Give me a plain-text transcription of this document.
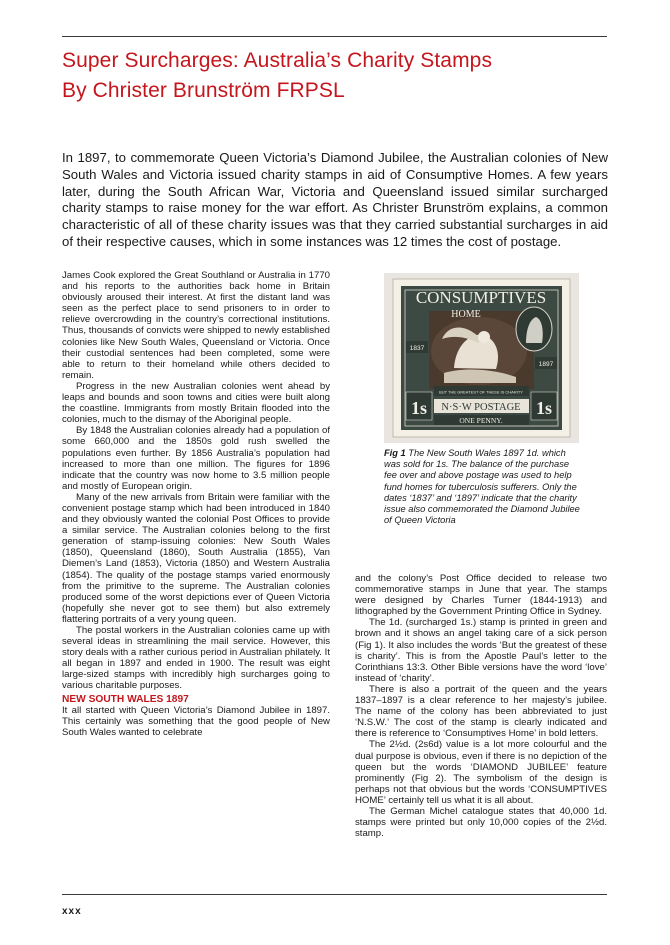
Super Surcharges: Australia’s Charity Stamps
By Christer Brunström FRPSL
In 1897, to commemorate Queen Victoria’s Diamond Jubilee, the Australian colonies of New South Wales and Victoria issued charity stamps in aid of Consumptive Homes. A few years later, during the South African War, Victoria and Queensland issued similar surcharged charity stamps to raise money for the war effort. As Christer Brunström explains, a common characteristic of all of these charity issues was that they carried substantial surcharges in aid of their respective causes, which in some instances was 12 times the cost of postage.

James Cook explored the Great Southland or Australia in 1770 and his reports to the authorities back home in Britain obviously aroused their interest. At first the distant land was seen as the perfect place to send prisoners to in order to relieve overcrowding in the country’s correctional institutions. Thus, thousands of convicts were shipped to newly established colonies like New South Wales, Queensland or Victoria. Once their custodial sentences had been completed, some were able to return to their homeland while others decided to remain.

Progress in the new Australian colonies went ahead by leaps and bounds and soon towns and cities were built along the coastline. Immigrants from mostly Britain flooded into the colonies, much to the dismay of the Aboriginal people.

By 1848 the Australian colonies already had a population of some 660,000 and the 1850s gold rush swelled the populations even further. By 1856 Australia’s population had increased to more than one million. The figures for 1896 indicate that the country was now home to 3.5 million people and mostly of European origin.

Many of the new arrivals from Britain were familiar with the convenient postage stamp which had been introduced in 1840 and they obviously wanted the colonial Post Offices to provide a similar service. The Australian colonies belong to the first generation of stamp-issuing colonies: New South Wales (1850), Queensland (1860), South Australia (1855), Van Diemen’s Land (1853), Victoria (1850) and Western Australia (1854). The quality of the postage stamps varied enormously from the primitive to the supreme. The Australian colonies produced some of the worst depictions ever of Queen Victoria (hopefully she never got to see them) but also extremely flattering portraits of a very young queen.

The postal workers in the Australian colonies came up with several ideas in streamlining the mail service. However, this story deals with a rather curious period in Australian philately. It all began in 1897 and ended in 1900. The result was eight large-sized stamps with incredibly high surcharges going to various charitable purposes.

NEW SOUTH WALES 1897

It all started with Queen Victoria’s Diamond Jubilee in 1897. This certainly was something that the good people of New South Wales wanted to celebrate

CONSUMPTIVES
HOME
1837
1897
BUT THE GREATEST OF THESE IS CHARITY
N·S·W POSTAGE
1s	1s
ONE PENNY.
Fig 1 The New South Wales 1897 1d. which was sold for 1s. The balance of the purchase fee over and above postage was used to help fund homes for tuberculosis sufferers. Only the dates ‘1837’ and ‘1897’ indicate that the charity issue also commemorated the Diamond Jubilee of Queen Victoria

and the colony’s Post Office decided to release two commemorative stamps in June that year. The stamps were designed by Charles Turner (1844-1913) and lithographed by the Government Printing Office in Sydney.

The 1d. (surcharged 1s.) stamp is printed in green and brown and it shows an angel taking care of a sick person (Fig 1). It also includes the words ‘But the greatest of these is charity’. This is from the Apostle Paul’s letter to the Corinthians 13:3. Other Bible versions have the word ‘love’ instead of ‘charity’.

There is also a portrait of the queen and the years 1837–1897 is a clear reference to her majesty’s jubilee. The name of the colony has been abbreviated to just ‘N.S.W.’ The cost of the stamp is clearly indicated and there is reference to ‘Consumptives Home’ in bold letters.

The 2½d. (2s6d) value is a lot more colourful and the dual purpose is obvious, even if there is no depiction of the queen but the words ‘DIAMOND JUBILEE’ feature prominently (Fig 2). The symbolism of the design is perhaps not that obvious but the words ‘CONSUMPTIVES HOME’ certainly tell us what it is all about.

The German Michel catalogue states that 40,000 1d. stamps were printed but only 10,000 copies of the 2½d. stamp.

xxx
